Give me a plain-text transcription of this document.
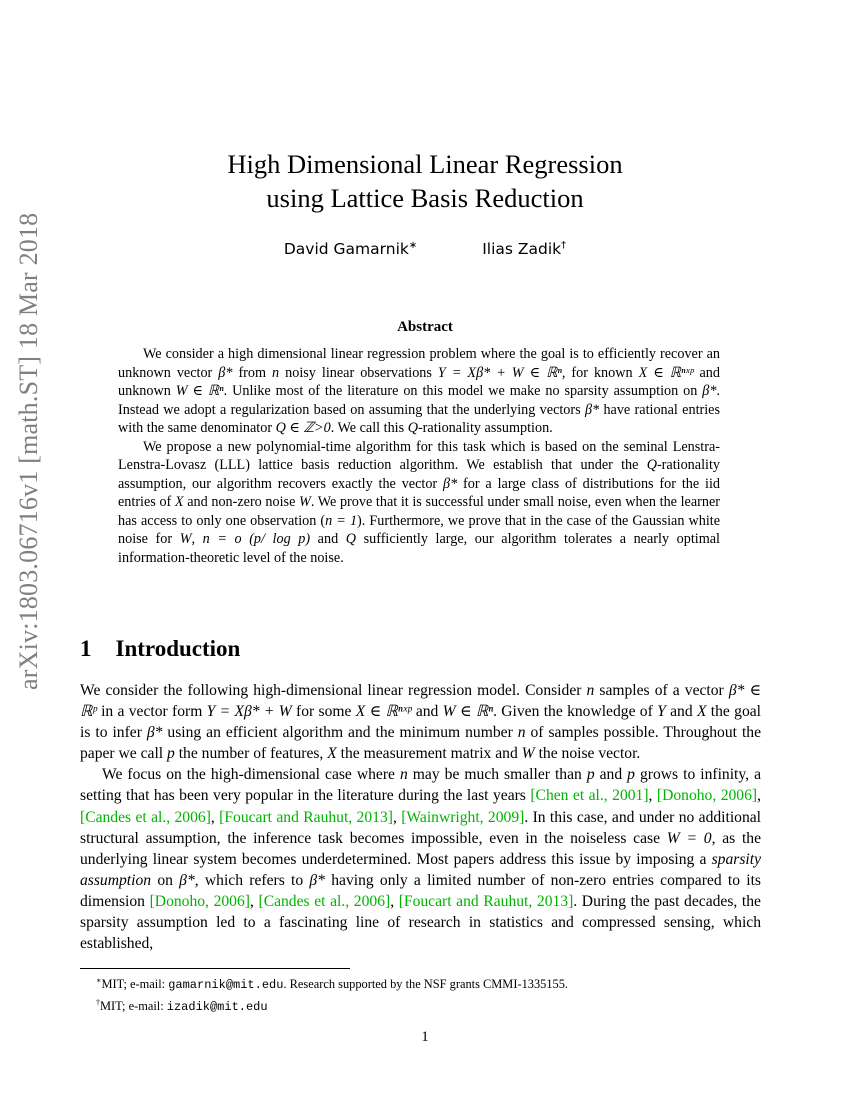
arXiv:1803.06716v1 [math.ST] 18 Mar 2018
High Dimensional Linear Regression
using Lattice Basis Reduction
David Gamarnik∗	Ilias Zadik†
Abstract

We consider a high dimensional linear regression problem where the goal is to efficiently recover an unknown vector β* from n noisy linear observations Y = Xβ* + W ∈ ℝⁿ, for known X ∈ ℝⁿˣᵖ and unknown W ∈ ℝⁿ. Unlike most of the literature on this model we make no sparsity assumption on β*. Instead we adopt a regularization based on assuming that the underlying vectors β* have rational entries with the same denominator Q ∈ ℤ>0. We call this Q-rationality assumption.

We propose a new polynomial-time algorithm for this task which is based on the seminal Lenstra-Lenstra-Lovasz (LLL) lattice basis reduction algorithm. We establish that under the Q-rationality assumption, our algorithm recovers exactly the vector β* for a large class of distributions for the iid entries of X and non-zero noise W. We prove that it is successful under small noise, even when the learner has access to only one observation (n = 1). Furthermore, we prove that in the case of the Gaussian white noise for W, n = o (p/ log p) and Q sufficiently large, our algorithm tolerates a nearly optimal information-theoretic level of the noise.

1 Introduction

We consider the following high-dimensional linear regression model. Consider n samples of a vector β* ∈ ℝᵖ in a vector form Y = Xβ* + W for some X ∈ ℝⁿˣᵖ and W ∈ ℝⁿ. Given the knowledge of Y and X the goal is to infer β* using an efficient algorithm and the minimum number n of samples possible. Throughout the paper we call p the number of features, X the measurement matrix and W the noise vector.

We focus on the high-dimensional case where n may be much smaller than p and p grows to infinity, a setting that has been very popular in the literature during the last years [Chen et al., 2001], [Donoho, 2006], [Candes et al., 2006], [Foucart and Rauhut, 2013], [Wainwright, 2009]. In this case, and under no additional structural assumption, the inference task becomes impossible, even in the noiseless case W = 0, as the underlying linear system becomes underdetermined. Most papers address this issue by imposing a sparsity assumption on β*, which refers to β* having only a limited number of non-zero entries compared to its dimension [Donoho, 2006], [Candes et al., 2006], [Foucart and Rauhut, 2013]. During the past decades, the sparsity assumption led to a fascinating line of research in statistics and compressed sensing, which established,

∗MIT; e-mail: gamarnik@mit.edu. Research supported by the NSF grants CMMI-1335155.
†MIT; e-mail: izadik@mit.edu
1
